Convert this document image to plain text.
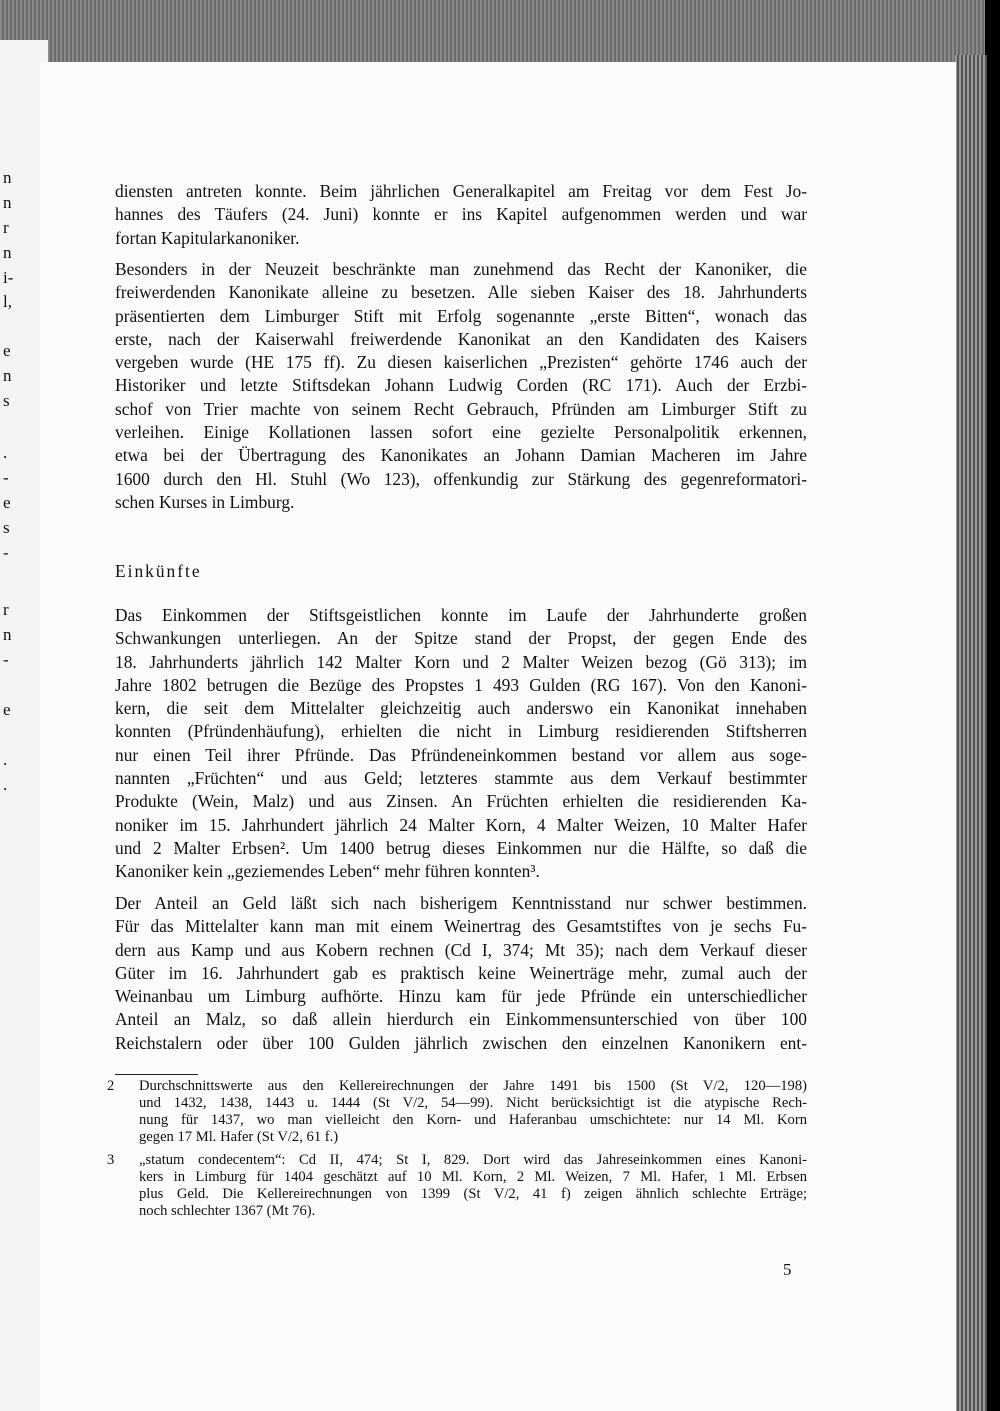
n
n
r
n
i-
l,
e
n
s
.
-
e
s
-
r
n
-
e
.
.
diensten antreten konnte. Beim jährlichen Generalkapitel am Freitag vor dem Fest Jo-
hannes des Täufers (24. Juni) konnte er ins Kapitel aufgenommen werden und war
fortan Kapitularkanoniker.
Besonders in der Neuzeit beschränkte man zunehmend das Recht der Kanoniker, die
freiwerdenden Kanonikate alleine zu besetzen. Alle sieben Kaiser des 18. Jahrhunderts
präsentierten dem Limburger Stift mit Erfolg sogenannte „erste Bitten“, wonach das
erste, nach der Kaiserwahl freiwerdende Kanonikat an den Kandidaten des Kaisers
vergeben wurde (HE 175 ff). Zu diesen kaiserlichen „Prezisten“ gehörte 1746 auch der
Historiker und letzte Stiftsdekan Johann Ludwig Corden (RC 171). Auch der Erzbi-
schof von Trier machte von seinem Recht Gebrauch, Pfründen am Limburger Stift zu
verleihen. Einige Kollationen lassen sofort eine gezielte Personalpolitik erkennen,
etwa bei der Übertragung des Kanonikates an Johann Damian Macheren im Jahre
1600 durch den Hl. Stuhl (Wo 123), offenkundig zur Stärkung des gegenreformatori-
schen Kurses in Limburg.
Einkünfte
Das Einkommen der Stiftsgeistlichen konnte im Laufe der Jahrhunderte großen
Schwankungen unterliegen. An der Spitze stand der Propst, der gegen Ende des
18. Jahrhunderts jährlich 142 Malter Korn und 2 Malter Weizen bezog (Gö 313); im
Jahre 1802 betrugen die Bezüge des Propstes 1 493 Gulden (RG 167). Von den Kanoni-
kern, die seit dem Mittelalter gleichzeitig auch anderswo ein Kanonikat innehaben
konnten (Pfründenhäufung), erhielten die nicht in Limburg residierenden Stiftsherren
nur einen Teil ihrer Pfründe. Das Pfründeneinkommen bestand vor allem aus soge-
nannten „Früchten“ und aus Geld; letzteres stammte aus dem Verkauf bestimmter
Produkte (Wein, Malz) und aus Zinsen. An Früchten erhielten die residierenden Ka-
noniker im 15. Jahrhundert jährlich 24 Malter Korn, 4 Malter Weizen, 10 Malter Hafer
und 2 Malter Erbsen². Um 1400 betrug dieses Einkommen nur die Hälfte, so daß die
Kanoniker kein „geziemendes Leben“ mehr führen konnten³.
Der Anteil an Geld läßt sich nach bisherigem Kenntnisstand nur schwer bestimmen.
Für das Mittelalter kann man mit einem Weinertrag des Gesamtstiftes von je sechs Fu-
dern aus Kamp und aus Kobern rechnen (Cd I, 374; Mt 35); nach dem Verkauf dieser
Güter im 16. Jahrhundert gab es praktisch keine Weinerträge mehr, zumal auch der
Weinanbau um Limburg aufhörte. Hinzu kam für jede Pfründe ein unterschiedlicher
Anteil an Malz, so daß allein hierdurch ein Einkommensunterschied von über 100
Reichstalern oder über 100 Gulden jährlich zwischen den einzelnen Kanonikern ent-
2 Durchschnittswerte aus den Kellereirechnungen der Jahre 1491 bis 1500 (St V/2, 120—198)
und 1432, 1438, 1443 u. 1444 (St V/2, 54—99). Nicht berücksichtigt ist die atypische Rech-
nung für 1437, wo man vielleicht den Korn- und Haferanbau umschichtete: nur 14 Ml. Korn
gegen 17 Ml. Hafer (St V/2, 61 f.)
3 „statum condecentem“: Cd II, 474; St I, 829. Dort wird das Jahreseinkommen eines Kanoni-
kers in Limburg für 1404 geschätzt auf 10 Ml. Korn, 2 Ml. Weizen, 7 Ml. Hafer, 1 Ml. Erbsen
plus Geld. Die Kellereirechnungen von 1399 (St V/2, 41 f) zeigen ähnlich schlechte Erträge;
noch schlechter 1367 (Mt 76).
5
